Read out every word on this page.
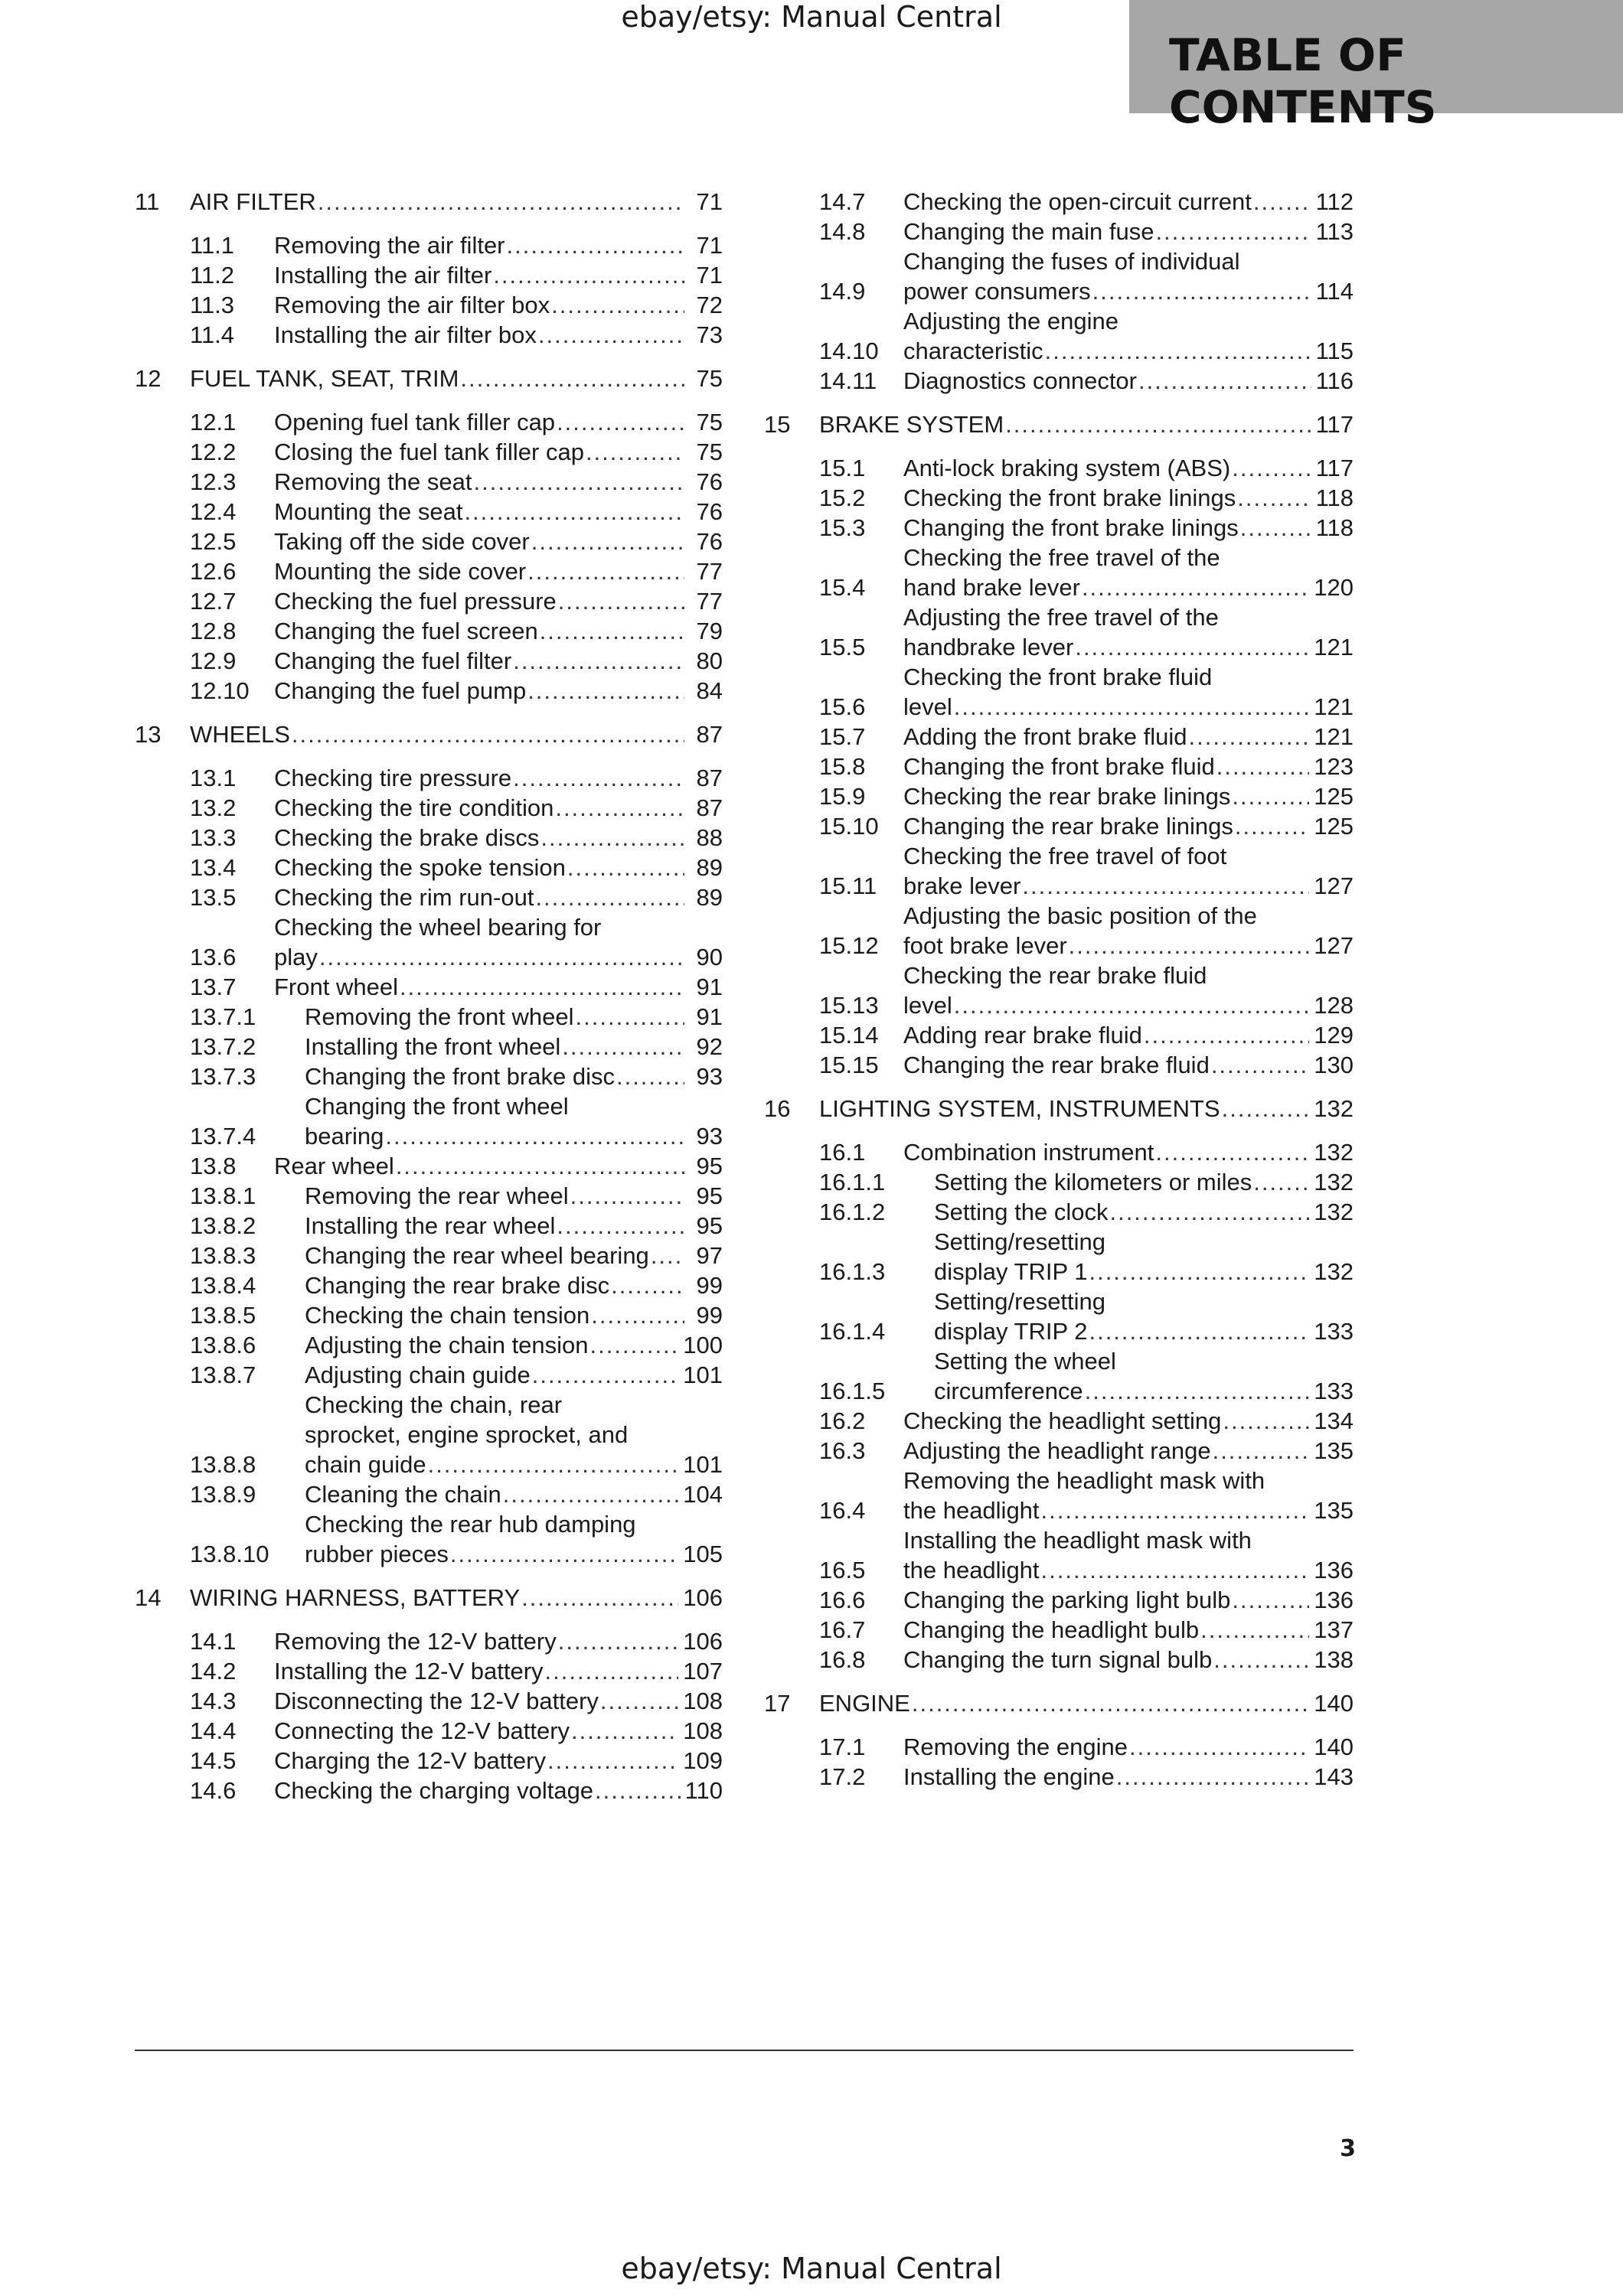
ebay/etsy: Manual Central
TABLE OF CONTENTS
11	AIR FILTER .....	71
11.1	Removing the air filter .....	71
11.2	Installing the air filter .....	71
11.3	Removing the air filter box .....	72
11.4	Installing the air filter box .....	73
12	FUEL TANK, SEAT, TRIM .....	75
12.1	Opening fuel tank filler cap .....	75
12.2	Closing the fuel tank filler cap .....	75
12.3	Removing the seat .....	76
12.4	Mounting the seat .....	76
12.5	Taking off the side cover .....	76
12.6	Mounting the side cover .....	77
12.7	Checking the fuel pressure .....	77
12.8	Changing the fuel screen .....	79
12.9	Changing the fuel filter .....	80
12.10	Changing the fuel pump .....	84
13	WHEELS .....	87
13.1	Checking tire pressure .....	87
13.2	Checking the tire condition .....	87
13.3	Checking the brake discs .....	88
13.4	Checking the spoke tension .....	89
13.5	Checking the rim run-out .....	89
13.6
Checking the wheel bearing for
play .....	90
13.7	Front wheel .....	91
13.7.1	Removing the front wheel .....	91
13.7.2	Installing the front wheel .....	92
13.7.3	Changing the front brake disc .....	93
13.7.4
Changing the front wheel
bearing .....	93
13.8	Rear wheel .....	95
13.8.1	Removing the rear wheel .....	95
13.8.2	Installing the rear wheel .....	95
13.8.3	Changing the rear wheel bearing .....	97
13.8.4	Changing the rear brake disc .....	99
13.8.5	Checking the chain tension .....	99
13.8.6	Adjusting the chain tension .....	100
13.8.7	Adjusting chain guide .....	101
13.8.8
Checking the chain, rear
sprocket, engine sprocket, and
chain guide .....	101
13.8.9	Cleaning the chain .....	104
13.8.10
Checking the rear hub damping
rubber pieces .....	105
14	WIRING HARNESS, BATTERY .....	106
14.1	Removing the 12-V battery .....	106
14.2	Installing the 12-V battery .....	107
14.3	Disconnecting the 12-V battery .....	108
14.4	Connecting the 12-V battery .....	108
14.5	Charging the 12-V battery .....	109
14.6	Checking the charging voltage .....	110
14.7	Checking the open-circuit current .....	112
14.8	Changing the main fuse .....	113
14.9
Changing the fuses of individual
power consumers .....	114
14.10
Adjusting the engine
characteristic .....	115
14.11	Diagnostics connector .....	116
15	BRAKE SYSTEM .....	117
15.1	Anti-lock braking system (ABS) .....	117
15.2	Checking the front brake linings .....	118
15.3	Changing the front brake linings .....	118
15.4
Checking the free travel of the
hand brake lever .....	120
15.5
Adjusting the free travel of the
handbrake lever .....	121
15.6
Checking the front brake fluid
level .....	121
15.7	Adding the front brake fluid .....	121
15.8	Changing the front brake fluid .....	123
15.9	Checking the rear brake linings .....	125
15.10	Changing the rear brake linings .....	125
15.11
Checking the free travel of foot
brake lever .....	127
15.12
Adjusting the basic position of the
foot brake lever .....	127
15.13
Checking the rear brake fluid
level .....	128
15.14	Adding rear brake fluid .....	129
15.15	Changing the rear brake fluid .....	130
16	LIGHTING SYSTEM, INSTRUMENTS .....	132
16.1	Combination instrument .....	132
16.1.1	Setting the kilometers or miles .....	132
16.1.2	Setting the clock .....	132
16.1.3
Setting/resetting
display TRIP 1 .....	132
16.1.4
Setting/resetting
display TRIP 2 .....	133
16.1.5
Setting the wheel
circumference .....	133
16.2	Checking the headlight setting .....	134
16.3	Adjusting the headlight range .....	135
16.4
Removing the headlight mask with
the headlight .....	135
16.5
Installing the headlight mask with
the headlight .....	136
16.6	Changing the parking light bulb .....	136
16.7	Changing the headlight bulb .....	137
16.8	Changing the turn signal bulb .....	138
17	ENGINE .....	140
17.1	Removing the engine .....	140
17.2	Installing the engine .....	143
3
ebay/etsy: Manual Central
